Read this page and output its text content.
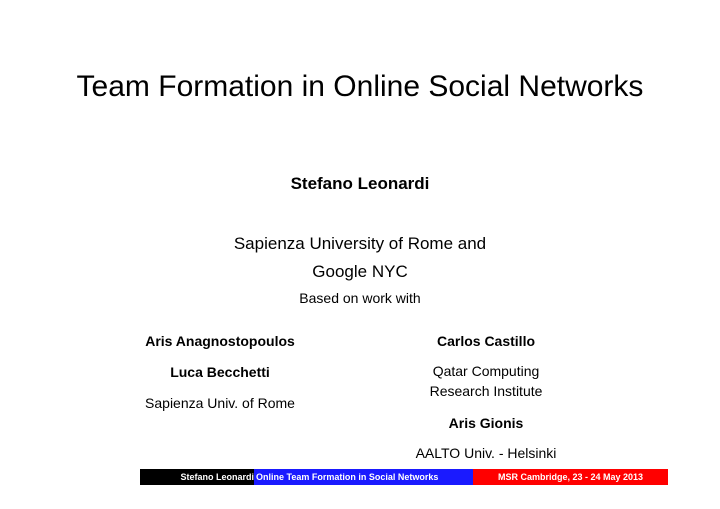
Team Formation in Online Social Networks
Stefano Leonardi
Sapienza University of Rome and
Google NYC
Based on work with
Aris Anagnostopoulos
Luca Becchetti
Sapienza Univ. of Rome
Carlos Castillo
Qatar Computing
Research Institute
Aris Gionis
AALTO Univ. - Helsinki
Stefano Leonardi Online Team Formation in Social Networks	MSR Cambridge, 23 - 24 May 2013
